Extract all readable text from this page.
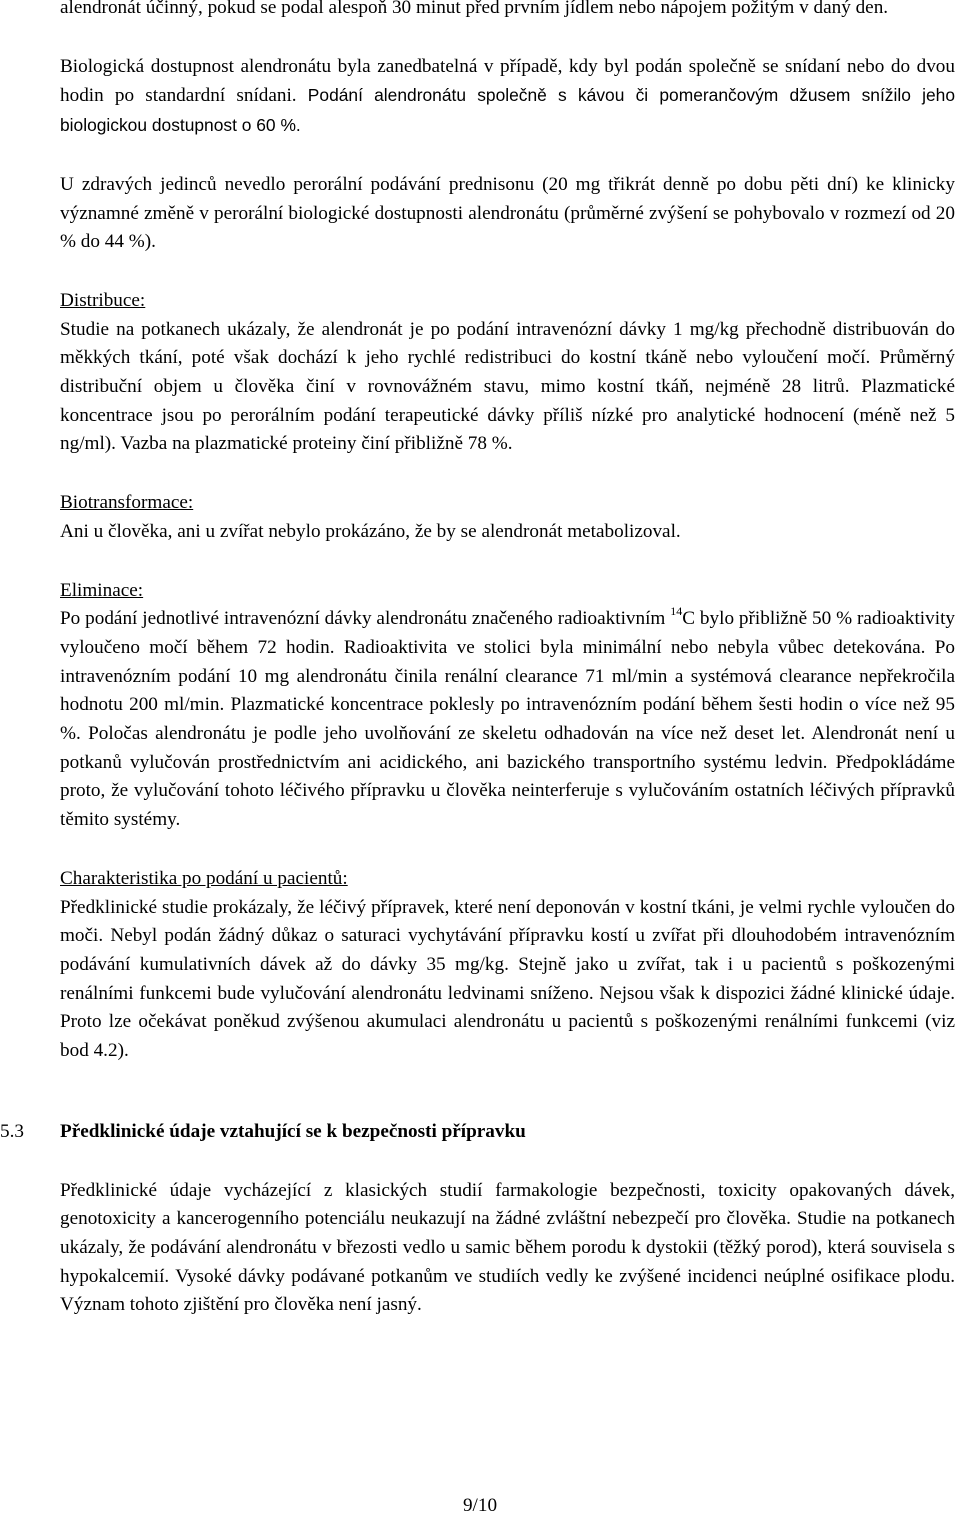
alendronát účinný, pokud se podal alespoň 30 minut před prvním jídlem nebo nápojem požitým v daný den.

Biologická dostupnost alendronátu byla zanedbatelná v případě, kdy byl podán společně se snídaní nebo do dvou hodin po standardní snídani. Podání alendronátu společně s kávou či pomerančovým džusem snížilo jeho biologickou dostupnost o 60 %.

U zdravých jedinců nevedlo perorální podávání prednisonu (20 mg třikrát denně po dobu pěti dní) ke klinicky významné změně v perorální biologické dostupnosti alendronátu (průměrné zvýšení se pohybovalo v rozmezí od 20 % do 44 %).

Distribuce:

Studie na potkanech ukázaly, že alendronát je po podání intravenózní dávky 1 mg/kg přechodně distribuován do měkkých tkání, poté však dochází k jeho rychlé redistribuci do kostní tkáně nebo vyloučení močí. Průměrný distribuční objem u člověka činí v rovnovážném stavu, mimo kostní tkáň, nejméně 28 litrů. Plazmatické koncentrace jsou po perorálním podání terapeutické dávky příliš nízké pro analytické hodnocení (méně než 5 ng/ml). Vazba na plazmatické proteiny činí přibližně 78 %.

Biotransformace:

Ani u člověka, ani u zvířat nebylo prokázáno, že by se alendronát metabolizoval.

Eliminace:

Po podání jednotlivé intravenózní dávky alendronátu značeného radioaktivním $^{14}$C bylo přibližně 50 % radioaktivity vyloučeno močí během 72 hodin. Radioaktivita ve stolici byla minimální nebo nebyla vůbec detekována. Po intravenózním podání 10 mg alendronátu činila renální clearance 71 ml/min a systémová clearance nepřekročila hodnotu 200 ml/min. Plazmatické koncentrace poklesly po intravenózním podání během šesti hodin o více než 95 %. Poločas alendronátu je podle jeho uvolňování ze skeletu odhadován na více než deset let. Alendronát není u potkanů vylučován prostřednictvím ani acidického, ani bazického transportního systému ledvin. Předpokládáme proto, že vylučování tohoto léčivého přípravku u člověka neinterferuje s vylučováním ostatních léčivých přípravků těmito systémy.

Charakteristika po podání u pacientů:

Předklinické studie prokázaly, že léčivý přípravek, které není deponován v kostní tkáni, je velmi rychle vyloučen do moči. Nebyl podán žádný důkaz o saturaci vychytávání přípravku kostí u zvířat při dlouhodobém intravenózním podávání kumulativních dávek až do dávky 35 mg/kg. Stejně jako u zvířat, tak i u pacientů s poškozenými renálními funkcemi bude vylučování alendronátu ledvinami sníženo. Nejsou však k dispozici žádné klinické údaje. Proto lze očekávat poněkud zvýšenou akumulaci alendronátu u pacientů s poškozenými renálními funkcemi (viz bod 4.2).

5.3 Předklinické údaje vztahující se k bezpečnosti přípravku

Předklinické údaje vycházející z klasických studií farmakologie bezpečnosti, toxicity opakovaných dávek, genotoxicity a kancerogenního potenciálu neukazují na žádné zvláštní nebezpečí pro člověka. Studie na potkanech ukázaly, že podávání alendronátu v březosti vedlo u samic během porodu k dystokii (těžký porod), která souvisela s hypokalcemií. Vysoké dávky podávané potkanům ve studiích vedly ke zvýšené incidenci neúplné osifikace plodu. Význam tohoto zjištění pro člověka není jasný.

9/10
